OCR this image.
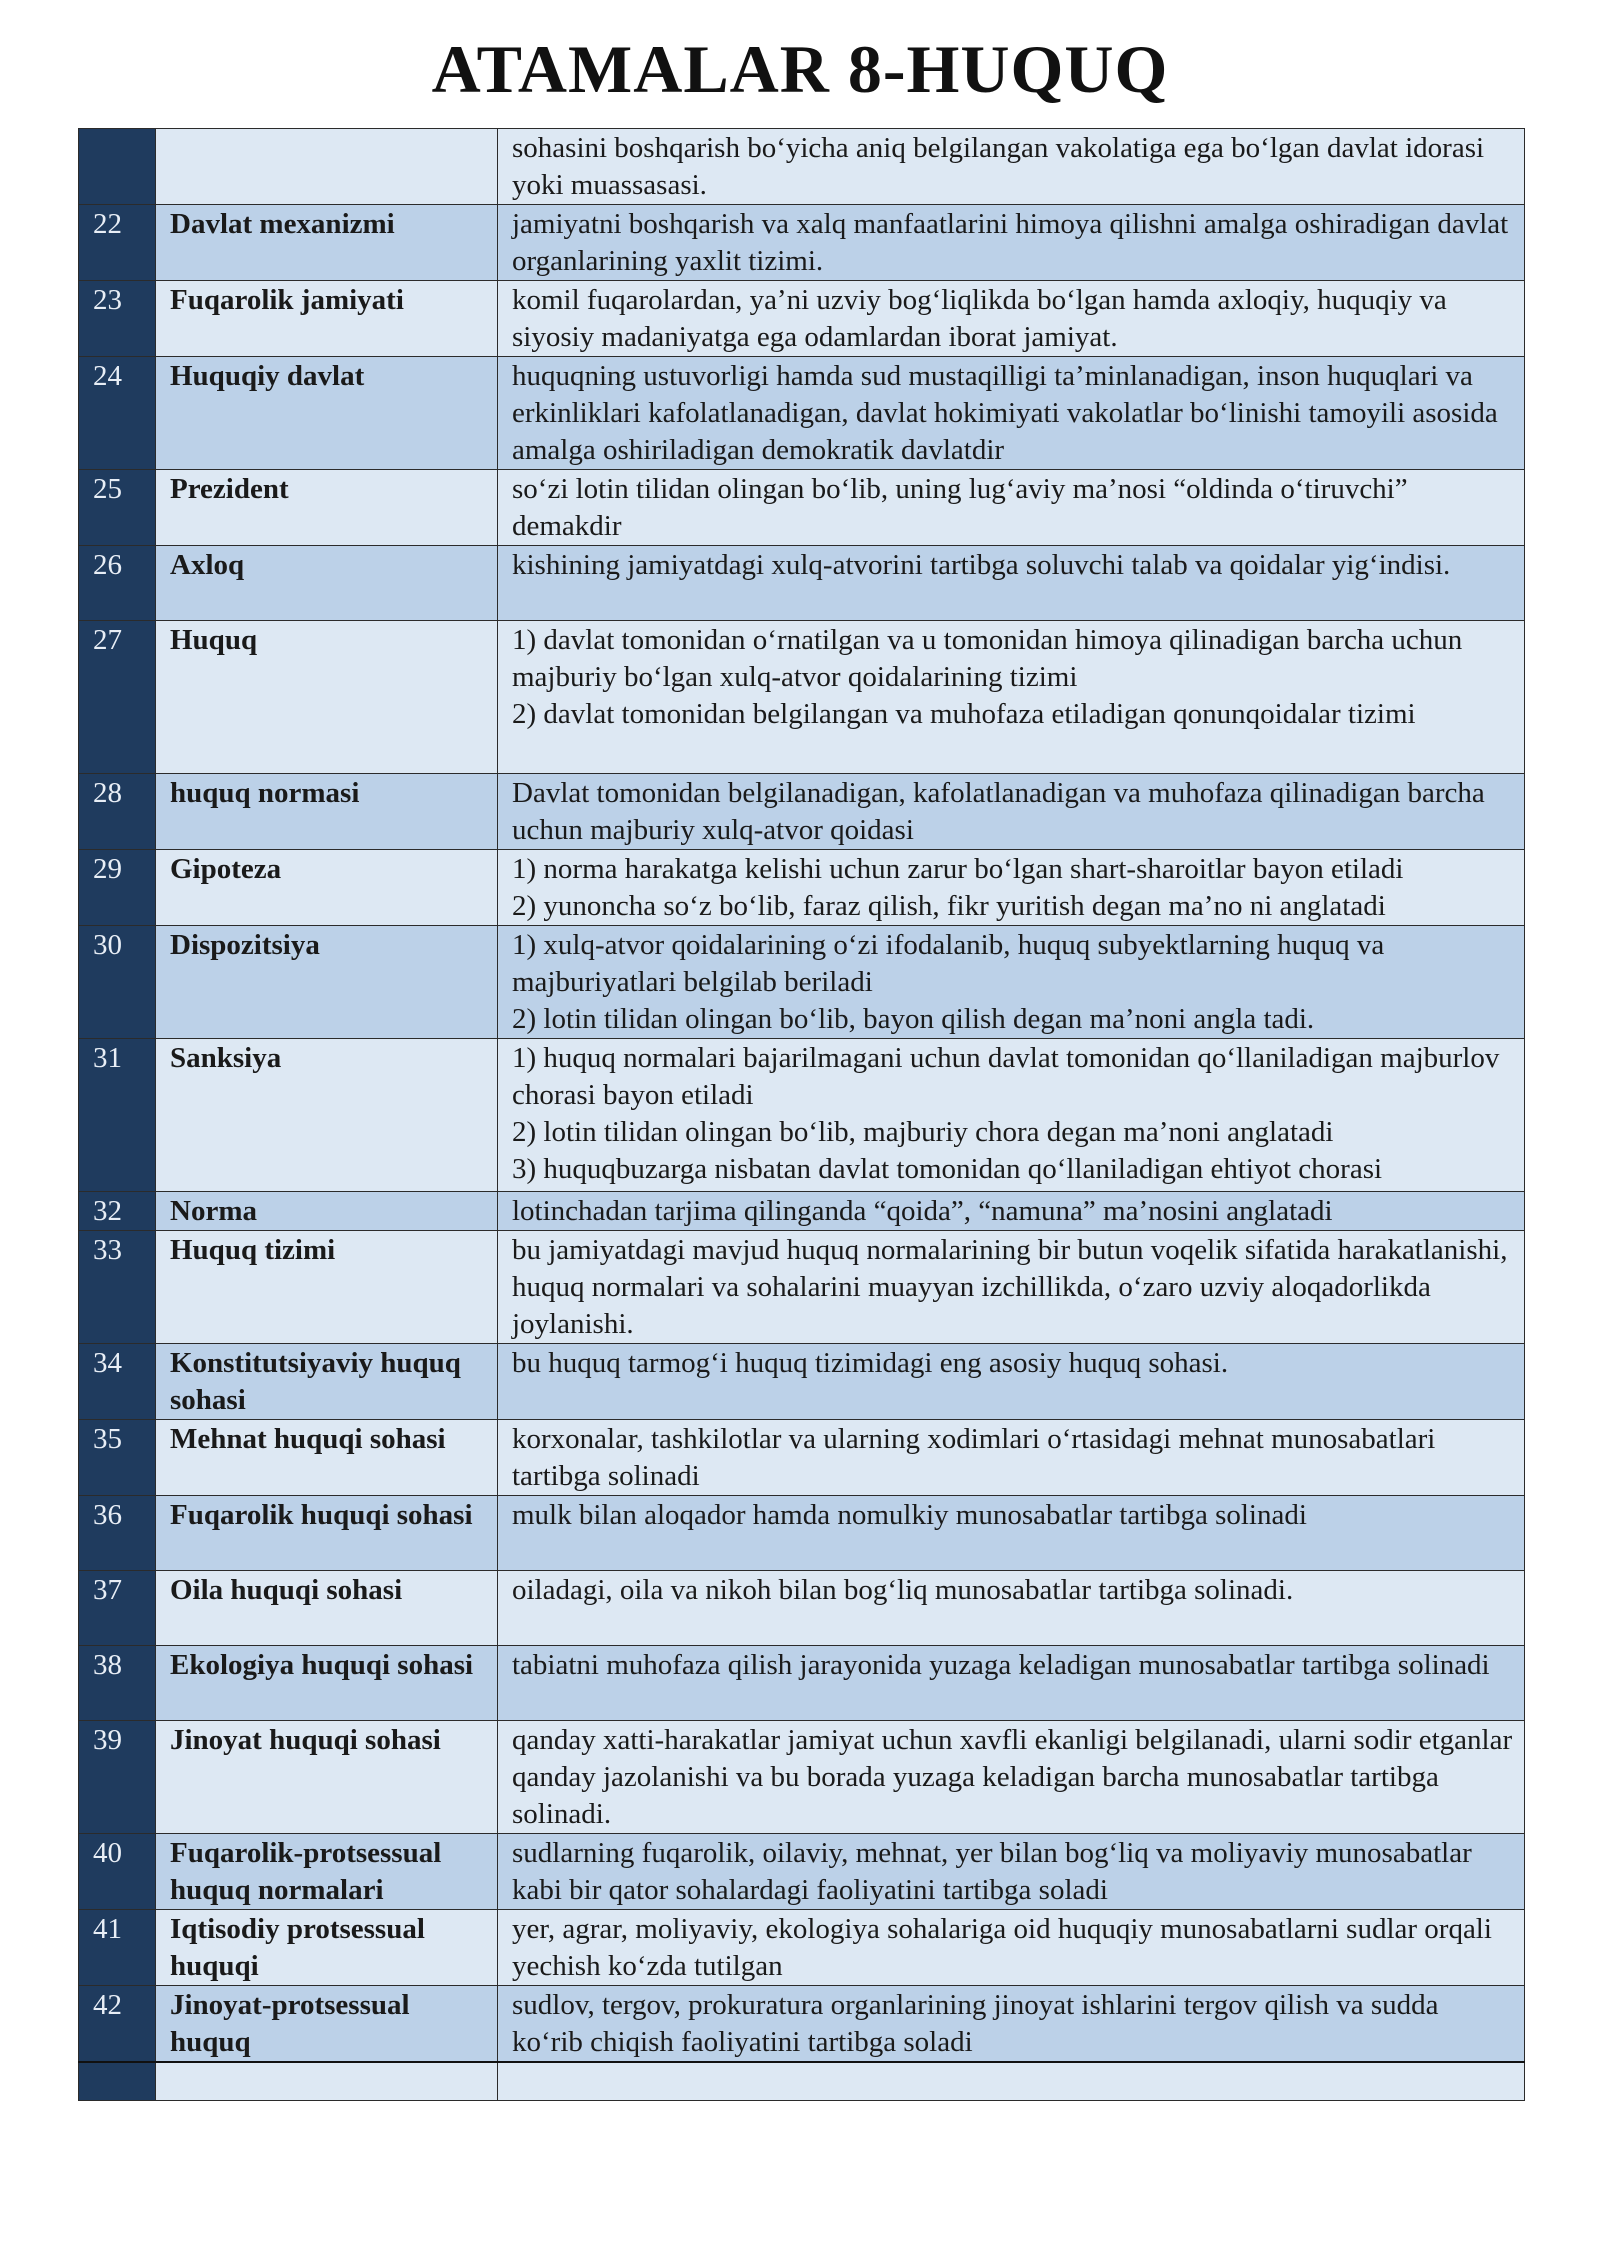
ATAMALAR 8-HUQUQ

		sohasini boshqarish bo‘yicha aniq belgilangan vakolatiga ega bo‘lgan davlat idorasi yoki muassasasi.

22	Davlat mexanizmi	jamiyatni boshqarish va xalq manfaatlarini himoya qilishni amalga oshiradigan davlat organlarining yaxlit tizimi.

23	Fuqarolik jamiyati	komil fuqarolardan, ya’ni uzviy bog‘liqlikda bo‘lgan hamda axloqiy, huquqiy va siyosiy madaniyatga ega odamlardan iborat jamiyat.

24	Huquqiy davlat	huquqning ustuvorligi hamda sud mustaqilligi ta’minlanadigan, inson huquqlari va erkinliklari kafolatlanadigan, davlat hokimiyati vakolatlar bo‘linishi tamoyili asosida amalga oshiriladigan demokratik davlatdir

25	Prezident	so‘zi lotin tilidan olingan bo‘lib, uning lug‘aviy ma’nosi “oldinda o‘tiruvchi” demakdir

26	Axloq	kishining jamiyatdagi xulq-atvorini tartibga soluvchi talab va qoidalar yig‘indisi.

27	Huquq	1) davlat tomonidan o‘rnatilgan va u tomonidan himoya qilinadigan barcha uchun majburiy bo‘lgan xulq-atvor qoidalarining tizimi

2) davlat tomonidan belgilangan va muhofaza etiladigan qonunqoidalar tizimi

28	huquq normasi	Davlat tomonidan belgilanadigan, kafolatlanadigan va muhofaza qilinadigan barcha uchun majburiy xulq-atvor qoidasi

29	Gipoteza	1) norma harakatga kelishi uchun zarur bo‘lgan shart-sharoitlar bayon etiladi

2) yunoncha so‘z bo‘lib, faraz qilish, fikr yuritish degan ma’no ni anglatadi

30	Dispozitsiya	1) xulq-atvor qoidalarining o‘zi ifodalanib, huquq subyektlarning huquq va majburiyatlari belgilab beriladi

2) lotin tilidan olingan bo‘lib, bayon qilish degan ma’noni angla tadi.

31	Sanksiya	1) huquq normalari bajarilmagani uchun davlat tomonidan qo‘llaniladigan majburlov chorasi bayon etiladi

2) lotin tilidan olingan bo‘lib, majburiy chora degan ma’noni anglatadi

3) huquqbuzarga nisbatan davlat tomonidan qo‘llaniladigan ehtiyot chorasi

32	Norma	lotinchadan tarjima qilinganda “qoida”, “namuna” ma’nosini anglatadi

33	Huquq tizimi	bu jamiyatdagi mavjud huquq normalarining bir butun voqelik sifatida harakatlanishi, huquq normalari va sohalarini muayyan izchillikda, o‘zaro uzviy aloqadorlikda joylanishi.

34	Konstitutsiyaviy huquq sohasi	bu huquq tarmog‘i huquq tizimidagi eng asosiy huquq sohasi.

35	Mehnat huquqi sohasi	korxonalar, tashkilotlar va ularning xodimlari o‘rtasidagi mehnat munosabatlari tartibga solinadi

36	Fuqarolik huquqi sohasi	mulk bilan aloqador hamda nomulkiy munosabatlar tartibga solinadi

37	Oila huquqi sohasi	oiladagi, oila va nikoh bilan bog‘liq munosabatlar tartibga solinadi.

38	Ekologiya huquqi sohasi	tabiatni muhofaza qilish jarayonida yuzaga keladigan munosabatlar tartibga solinadi

39	Jinoyat huquqi sohasi	qanday xatti-harakatlar jamiyat uchun xavfli ekanligi belgilanadi, ularni sodir etganlar qanday jazolanishi va bu borada yuzaga keladigan barcha munosabatlar tartibga solinadi.

40	Fuqarolik-protsessual huquq normalari	sudlarning fuqarolik, oilaviy, mehnat, yer bilan bog‘liq va moliyaviy munosabatlar kabi bir qator sohalardagi faoliyatini tartibga soladi

41	Iqtisodiy protsessual huquqi	yer, agrar, moliyaviy, ekologiya sohalariga oid huquqiy munosabatlarni sudlar orqali yechish ko‘zda tutilgan

42	Jinoyat-protsessual huquq	sudlov, tergov, prokuratura organlarining jinoyat ishlarini tergov qilish va sudda ko‘rib chiqish faoliyatini tartibga soladi
